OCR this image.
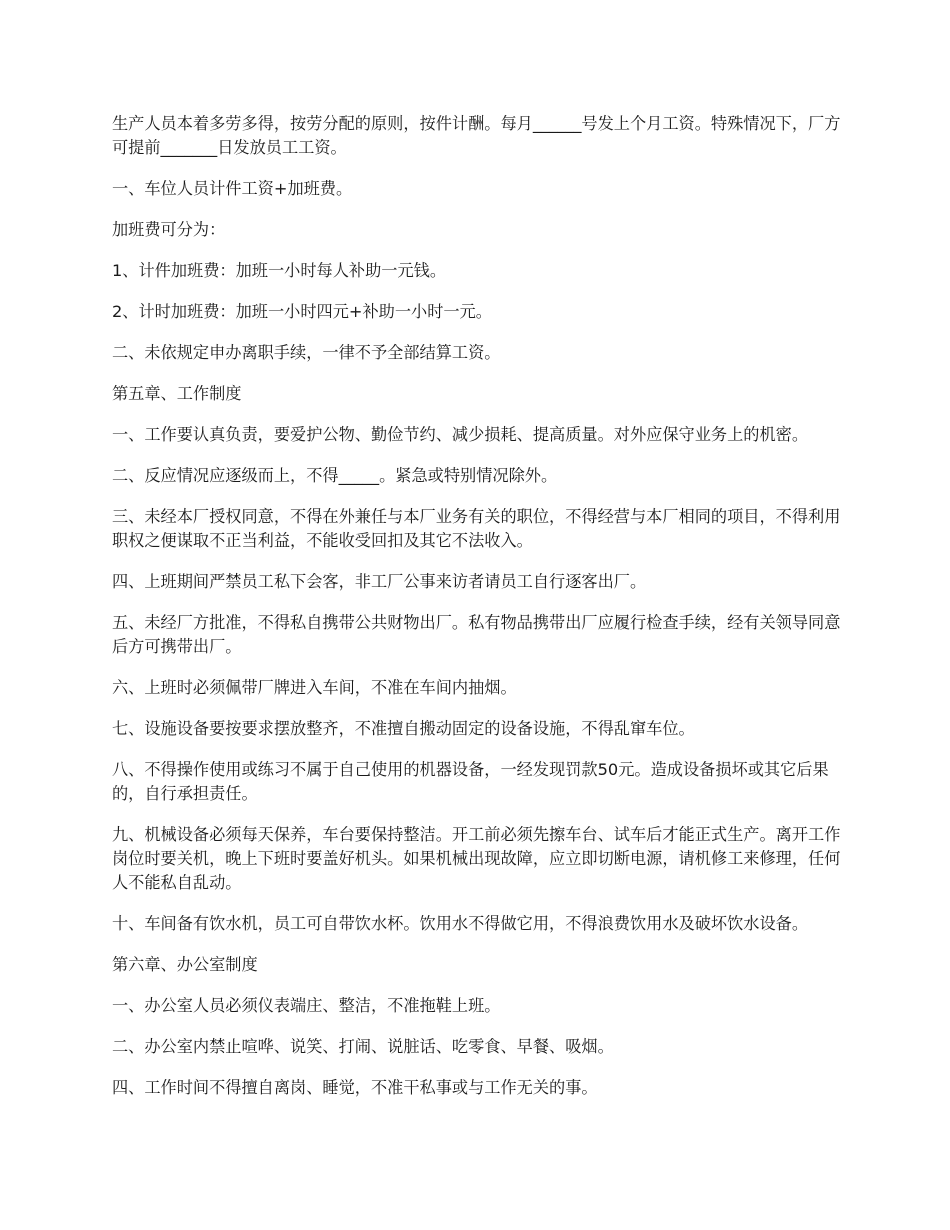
生产人员本着多劳多得，按劳分配的原则，按件计酬。每月______号发上个月工资。特殊情况下，厂方可提前_______日发放员工工资。

一、车位人员计件工资+加班费。

加班费可分为：

1、计件加班费：加班一小时每人补助一元钱。

2、计时加班费：加班一小时四元+补助一小时一元。

二、未依规定申办离职手续，一律不予全部结算工资。

第五章、工作制度

一、工作要认真负责，要爱护公物、勤俭节约、减少损耗、提高质量。对外应保守业务上的机密。

二、反应情况应逐级而上，不得_____。紧急或特别情况除外。

三、未经本厂授权同意，不得在外兼任与本厂业务有关的职位，不得经营与本厂相同的项目，不得利用职权之便谋取不正当利益，不能收受回扣及其它不法收入。

四、上班期间严禁员工私下会客，非工厂公事来访者请员工自行逐客出厂。

五、未经厂方批准，不得私自携带公共财物出厂。私有物品携带出厂应履行检查手续，经有关领导同意后方可携带出厂。

六、上班时必须佩带厂牌进入车间，不准在车间内抽烟。

七、设施设备要按要求摆放整齐，不准擅自搬动固定的设备设施，不得乱窜车位。

八、不得操作使用或练习不属于自己使用的机器设备，一经发现罚款50元。造成设备损坏或其它后果的，自行承担责任。

九、机械设备必须每天保养，车台要保持整洁。开工前必须先擦车台、试车后才能正式生产。离开工作岗位时要关机，晚上下班时要盖好机头。如果机械出现故障，应立即切断电源，请机修工来修理，任何人不能私自乱动。

十、车间备有饮水机，员工可自带饮水杯。饮用水不得做它用，不得浪费饮用水及破坏饮水设备。

第六章、办公室制度

一、办公室人员必须仪表端庄、整洁，不准拖鞋上班。

二、办公室内禁止喧哗、说笑、打闹、说脏话、吃零食、早餐、吸烟。

四、工作时间不得擅自离岗、睡觉，不准干私事或与工作无关的事。
